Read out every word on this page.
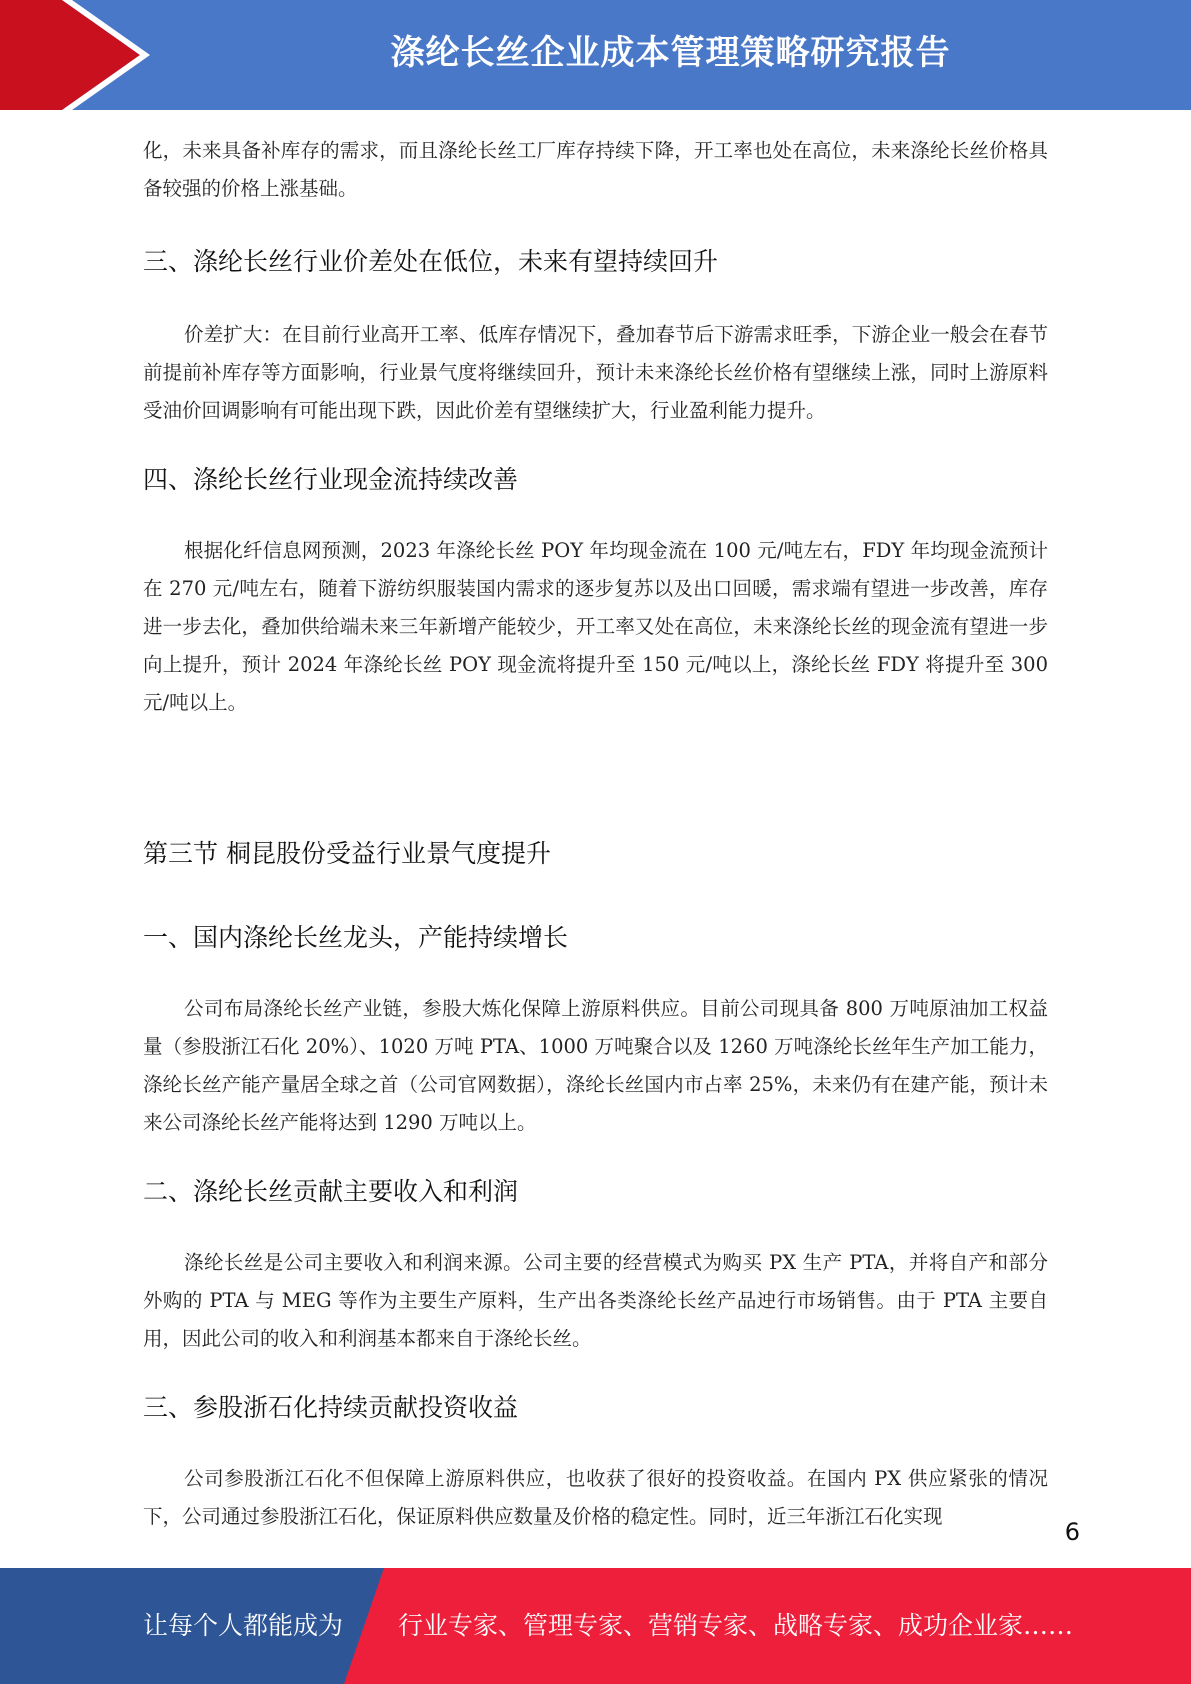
涤纶长丝企业成本管理策略研究报告

化，未来具备补库存的需求，而且涤纶长丝工厂库存持续下降，开工率也处在高位，未来涤纶长丝价格具备较强的价格上涨基础。

三、涤纶长丝行业价差处在低位，未来有望持续回升

价差扩大：在目前行业高开工率、低库存情况下，叠加春节后下游需求旺季，下游企业一般会在春节前提前补库存等方面影响，行业景气度将继续回升，预计未来涤纶长丝价格有望继续上涨，同时上游原料受油价回调影响有可能出现下跌，因此价差有望继续扩大，行业盈利能力提升。

四、涤纶长丝行业现金流持续改善

根据化纤信息网预测，2023 年涤纶长丝 POY 年均现金流在 100 元/吨左右，FDY 年均现金流预计在 270 元/吨左右，随着下游纺织服装国内需求的逐步复苏以及出口回暖，需求端有望进一步改善，库存进一步去化，叠加供给端未来三年新增产能较少，开工率又处在高位，未来涤纶长丝的现金流有望进一步向上提升，预计 2024 年涤纶长丝 POY 现金流将提升至 150 元/吨以上，涤纶长丝 FDY 将提升至 300 元/吨以上。

第三节 桐昆股份受益行业景气度提升
一、国内涤纶长丝龙头，产能持续增长

公司布局涤纶长丝产业链，参股大炼化保障上游原料供应。目前公司现具备 800 万吨原油加工权益量（参股浙江石化 20%）、1020 万吨 PTA、1000 万吨聚合以及 1260 万吨涤纶长丝年生产加工能力，涤纶长丝产能产量居全球之首（公司官网数据），涤纶长丝国内市占率 25%，未来仍有在建产能，预计未来公司涤纶长丝产能将达到 1290 万吨以上。

二、涤纶长丝贡献主要收入和利润

涤纶长丝是公司主要收入和利润来源。公司主要的经营模式为购买 PX 生产 PTA，并将自产和部分外购的 PTA 与 MEG 等作为主要生产原料，生产出各类涤纶长丝产品迚行市场销售。由于 PTA 主要自用，因此公司的收入和利润基本都来自于涤纶长丝。

三、参股浙石化持续贡献投资收益

公司参股浙江石化不但保障上游原料供应，也收获了很好的投资收益。在国内 PX 供应紧张的情况下，公司通过参股浙江石化，保证原料供应数量及价格的稳定性。同时，近三年浙江石化实现

6
让每个人都能成为 行业专家、管理专家、营销专家、战略专家、成功企业家……
